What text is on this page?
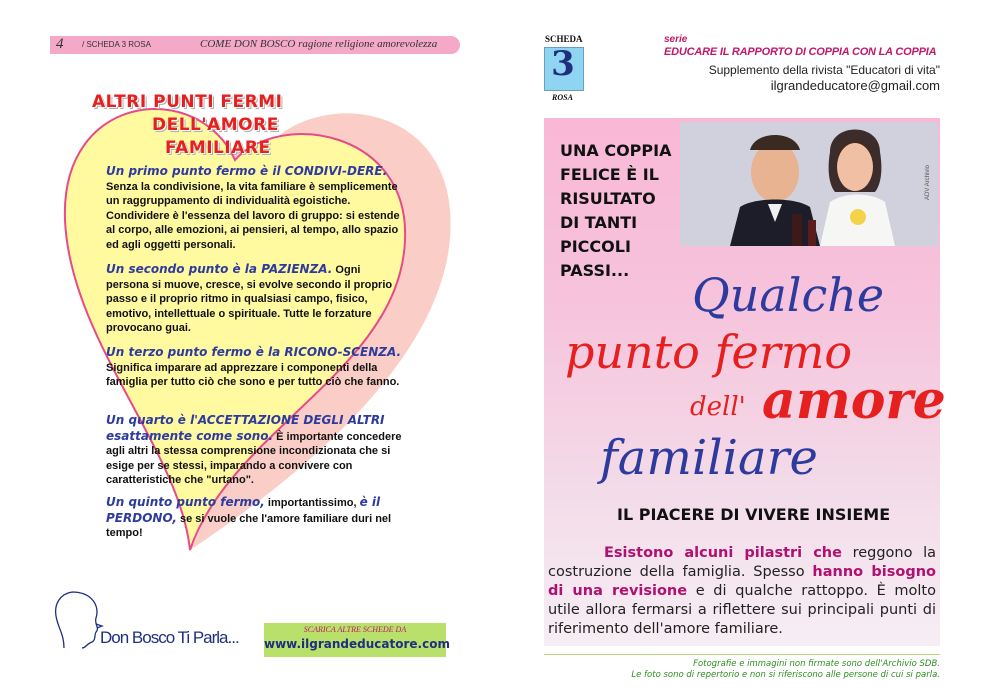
4 / SCHEDA 3 ROSA	COME DON BOSCO ragione religione amorevolezza
ALTRI PUNTI FERMI
DELL'AMORE
FAMILIARE
Un primo punto fermo è il CONDIVI-DERE. Senza la condivisione, la vita familiare è semplicemente un raggruppamento di individualità egoistiche. Condividere è l'essenza del lavoro di gruppo: si estende al corpo, alle emozioni, ai pensieri, al tempo, allo spazio ed agli oggetti personali.
Un secondo punto è la PAZIENZA. Ogni persona si muove, cresce, si evolve secondo il proprio passo e il proprio ritmo in qualsiasi campo, fisico, emotivo, intellettuale o spirituale. Tutte le forzature provocano guai.
Un terzo punto fermo è la RICONO-SCENZA. Significa imparare ad apprezzare i componenti della famiglia per tutto ciò che sono e per tutto ciò che fanno.
Un quarto è l'ACCETTAZIONE DEGLI ALTRI esattamente come sono. È importante concedere agli altri la stessa comprensione incondizionata che si esige per se stessi, imparando a convivere con caratteristiche che "urtano".
Un quinto punto fermo, importantissimo, è il PERDONO, se si vuole che l'amore familiare duri nel tempo!
Don Bosco Ti Parla...	SCARICA ALTRE SCHEDE DA
www.ilgrandeducatore.com
SCHEDA
3
ROSA
serie
EDUCARE IL RAPPORTO DI COPPIA CON LA COPPIA
Supplemento della rivista "Educatori di vita"
ilgrandeducatore@gmail.com
ADV Archivio
UNA COPPIA
FELICE È IL
RISULTATO
DI TANTI
PICCOLI
PASSI... Qualche
punto fermo
dell' amore
familiare
IL PIACERE DI VIVERE INSIEME
Esistono alcuni pilastri che reggono la costruzione della famiglia. Spesso hanno bisogno di una revisione e di qualche rattoppo. È molto utile allora fermarsi a riflettere sui principali punti di riferimento dell'amore familiare.
Fotografie e immagini non firmate sono dell'Archivio SDB.
Le foto sono di repertorio e non si riferiscono alle persone di cui si parla.
